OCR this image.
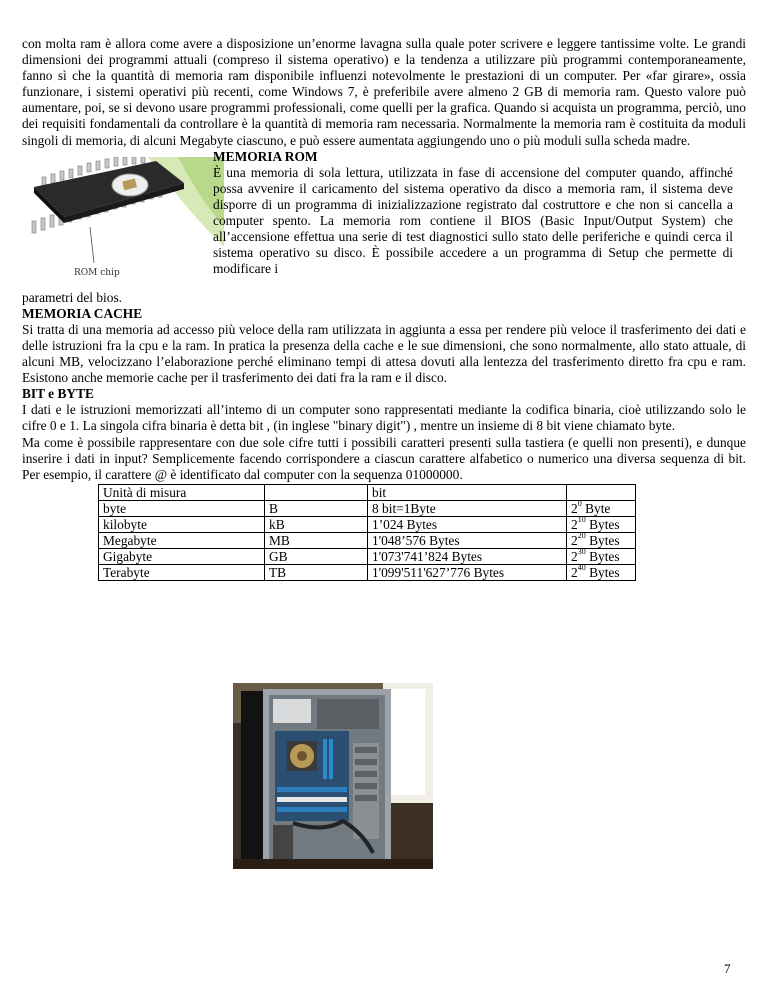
con molta ram è allora come avere a disposizione un’enorme lavagna sulla quale poter scrivere e leggere tantissime volte. Le grandi dimensioni dei programmi attuali (compreso il sistema operativo) e la tendenza a utilizzare più programmi contemporaneamente, fanno sì che la quantità di memoria ram disponibile influenzi notevolmente le prestazioni di un computer. Per «far girare», ossia funzionare, i sistemi operativi più recenti, come Windows 7, è preferibile avere almeno 2 GB di memoria ram. Questo valore può aumentare, poi, se si devono usare programmi professionali, come quelli per la grafica. Quando si acquista un programma, perciò, uno dei requisiti fondamentali da controllare è la quantità di memoria ram necessaria. Normalmente la memoria ram è costituita da moduli singoli di memoria, di alcuni Megabyte ciascuno, e può essere aumentata aggiungendo uno o più moduli sulla scheda madre.

ROM chip
MEMORIA ROM

È una memoria di sola lettura, utilizzata in fase di accensione del computer quando, affinché possa avvenire il caricamento del sistema operativo da disco a memoria ram, il sistema deve disporre di un programma di inizializzazione registrato dal costruttore e che non si cancella a computer spento. La memoria rom contiene il BIOS (Basic Input/Output System) che all’accensione effettua una serie di test diagnostici sullo stato delle periferiche e quindi cerca il sistema operativo su disco. È possibile accedere a un programma di Setup che permette di modificare i

parametri del bios.

MEMORIA CACHE

Si tratta di una memoria ad accesso più veloce della ram utilizzata in aggiunta a essa per rendere più veloce il trasferimento dei dati e delle istruzioni fra la cpu e la ram. In pratica la presenza della cache e le sue dimensioni, che sono normalmente, allo stato attuale, di alcuni MB, velocizzano l’elaborazione perché eliminano tempi di attesa dovuti alla lentezza del trasferimento diretto fra cpu e ram. Esistono anche memorie cache per il trasferimento dei dati fra la ram e il disco.

BIT e BYTE

I dati e le istruzioni memorizzati all’intemo di un computer sono rappresentati mediante la codifica binaria, cioè utilizzando solo le cifre 0 e 1. La singola cifra binaria è detta bit , (in inglese "binary digit") , mentre un insieme di 8 bit viene chiamato byte.

Ma come è possibile rappresentare con due sole cifre tutti i possibili caratteri presenti sulla tastiera (e quelli non presenti), e dunque inserire i dati in input? Semplicemente facendo corrispondere a ciascun carattere alfabetico o numerico una diversa sequenza di bit. Per esempio, il carattere @ è identificato dal computer con la sequenza 01000000.

Unità di misura		bit	
byte	B	8 bit=1Byte	$2^0$ Byte
kilobyte	kB	1’024 Bytes	$2^{10}$ Bytes
Megabyte	MB	1'048’576 Bytes	$2^{20}$ Bytes
Gigabyte	GB	1'073'741’824 Bytes	$2^{30}$ Bytes
Terabyte	TB	1'099'511'627’776 Bytes	$2^{40}$ Bytes
7
